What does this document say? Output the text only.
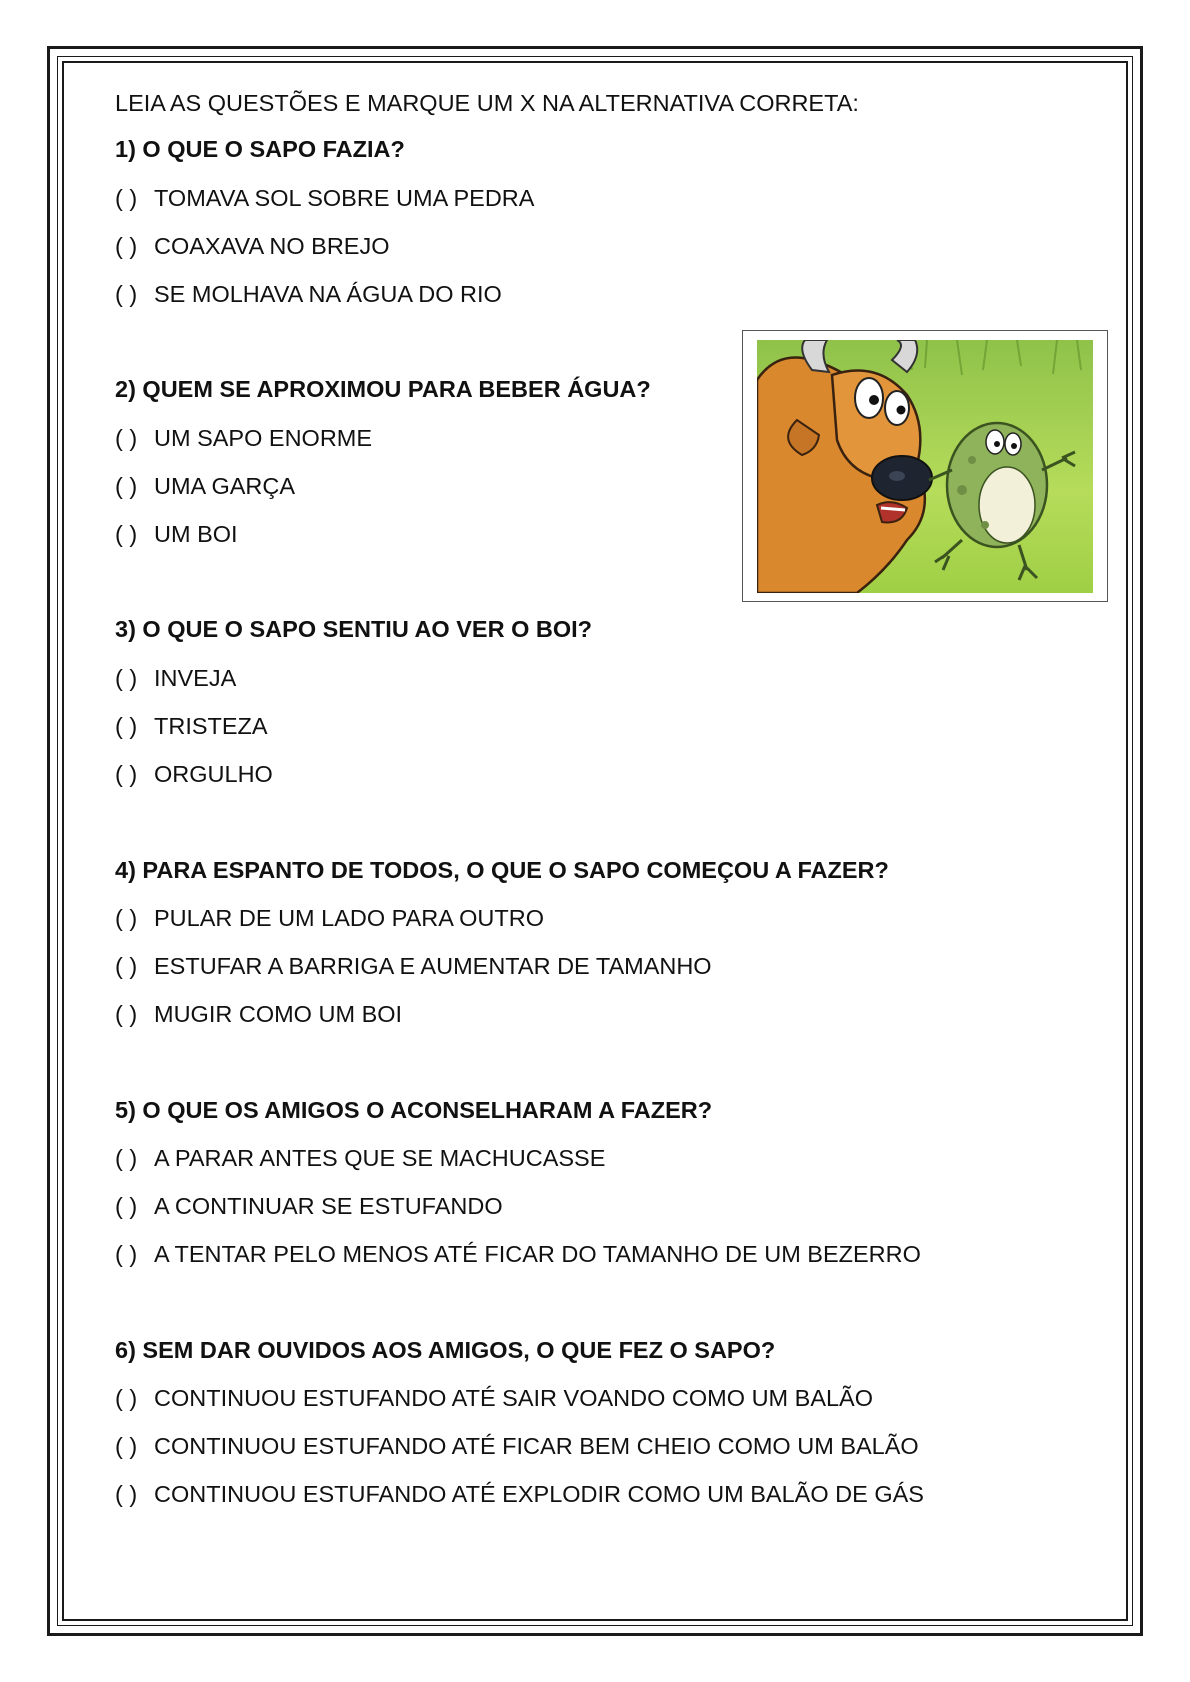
LEIA AS QUESTÕES E MARQUE UM X NA ALTERNATIVA CORRETA:
1) O QUE O SAPO FAZIA?
( ) TOMAVA SOL SOBRE UMA PEDRA
( ) COAXAVA NO BREJO
( ) SE MOLHAVA NA ÁGUA DO RIO
2) QUEM SE APROXIMOU PARA BEBER ÁGUA?
( ) UM SAPO ENORME
( ) UMA GARÇA
( ) UM BOI
3) O QUE O SAPO SENTIU AO VER O BOI?
( ) INVEJA
( ) TRISTEZA
( ) ORGULHO
4) PARA ESPANTO DE TODOS, O QUE O SAPO COMEÇOU A FAZER?
( ) PULAR DE UM LADO PARA OUTRO
( ) ESTUFAR A BARRIGA E AUMENTAR DE TAMANHO
( ) MUGIR COMO UM BOI
5) O QUE OS AMIGOS O ACONSELHARAM A FAZER?
( ) A PARAR ANTES QUE SE MACHUCASSE
( ) A CONTINUAR SE ESTUFANDO
( ) A TENTAR PELO MENOS ATÉ FICAR DO TAMANHO DE UM BEZERRO
6) SEM DAR OUVIDOS AOS AMIGOS, O QUE FEZ O SAPO?
( ) CONTINUOU ESTUFANDO ATÉ SAIR VOANDO COMO UM BALÃO
( ) CONTINUOU ESTUFANDO ATÉ FICAR BEM CHEIO COMO UM BALÃO
( ) CONTINUOU ESTUFANDO ATÉ EXPLODIR COMO UM BALÃO DE GÁS
